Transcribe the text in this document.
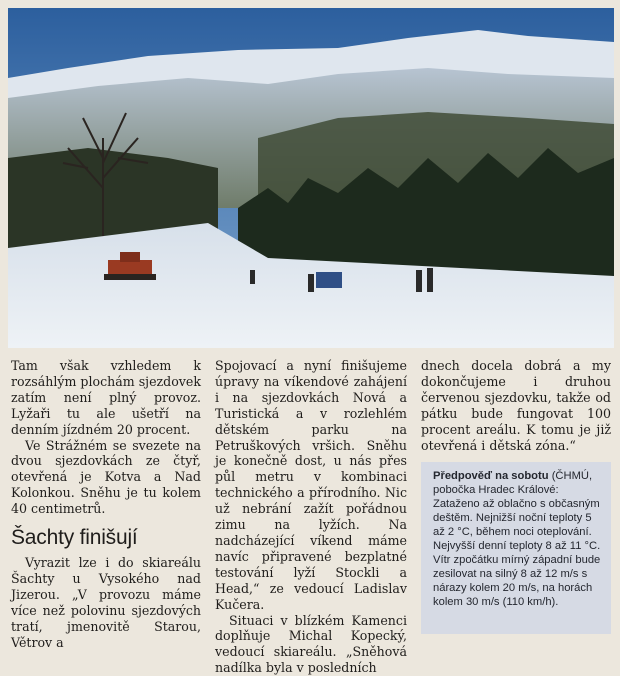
Tam však vzhledem k rozsáhlým plochám sjezdovek zatím není plný provoz. Lyžaři tu ale ušetří na denním jízdném 20 procent.

Ve Strážném se svezete na dvou sjezdovkách ze čtyř, otevřená je Kotva a Nad Kolonkou. Sněhu je tu kolem 40 centimetrů.

Šachty finišují

Vyrazit lze i do skiareálu Šachty u Vysokého nad Jizerou. „V provozu máme více než polovinu sjezdových tratí, jmenovitě Starou, Větrov a

Spojovací a nyní finišujeme úpravy na víkendové zahájení i na sjezdovkách Nová a Turistická a v rozlehlém dětském parku na Petruškových vršich. Sněhu je konečně dost, u nás přes půl metru v kombinaci technického a přírodního. Nic už nebrání zažít pořádnou zimu na lyžích. Na nadcházející víkend máme navíc připravené bezplatné testování lyží Stockli a Head,“ ze vedoucí Ladislav Kučera.

Situaci v blízkém Kamenci doplňuje Michal Kopecký, vedoucí skiareálu. „Sněhová nadílka byla v posledních

dnech docela dobrá a my dokončujeme i druhou červenou sjezdovku, takže od pátku bude fungovat 100 procent areálu. K tomu je již otevřená i dětská zóna.“

Předpověď na sobotu (ČHMÚ, pobočka Hradec Králové: Zataženo až oblačno s občasným deštěm. Nejnižší noční teploty 5 až 2 °C, během noci oteplování. Nejvyšší denní teploty 8 až 11 °C. Vítr zpočátku mírný západní bude zesilovat na silný 8 až 12 m/s s nárazy kolem 20 m/s, na horách kolem 30 m/s (110 km/h).
